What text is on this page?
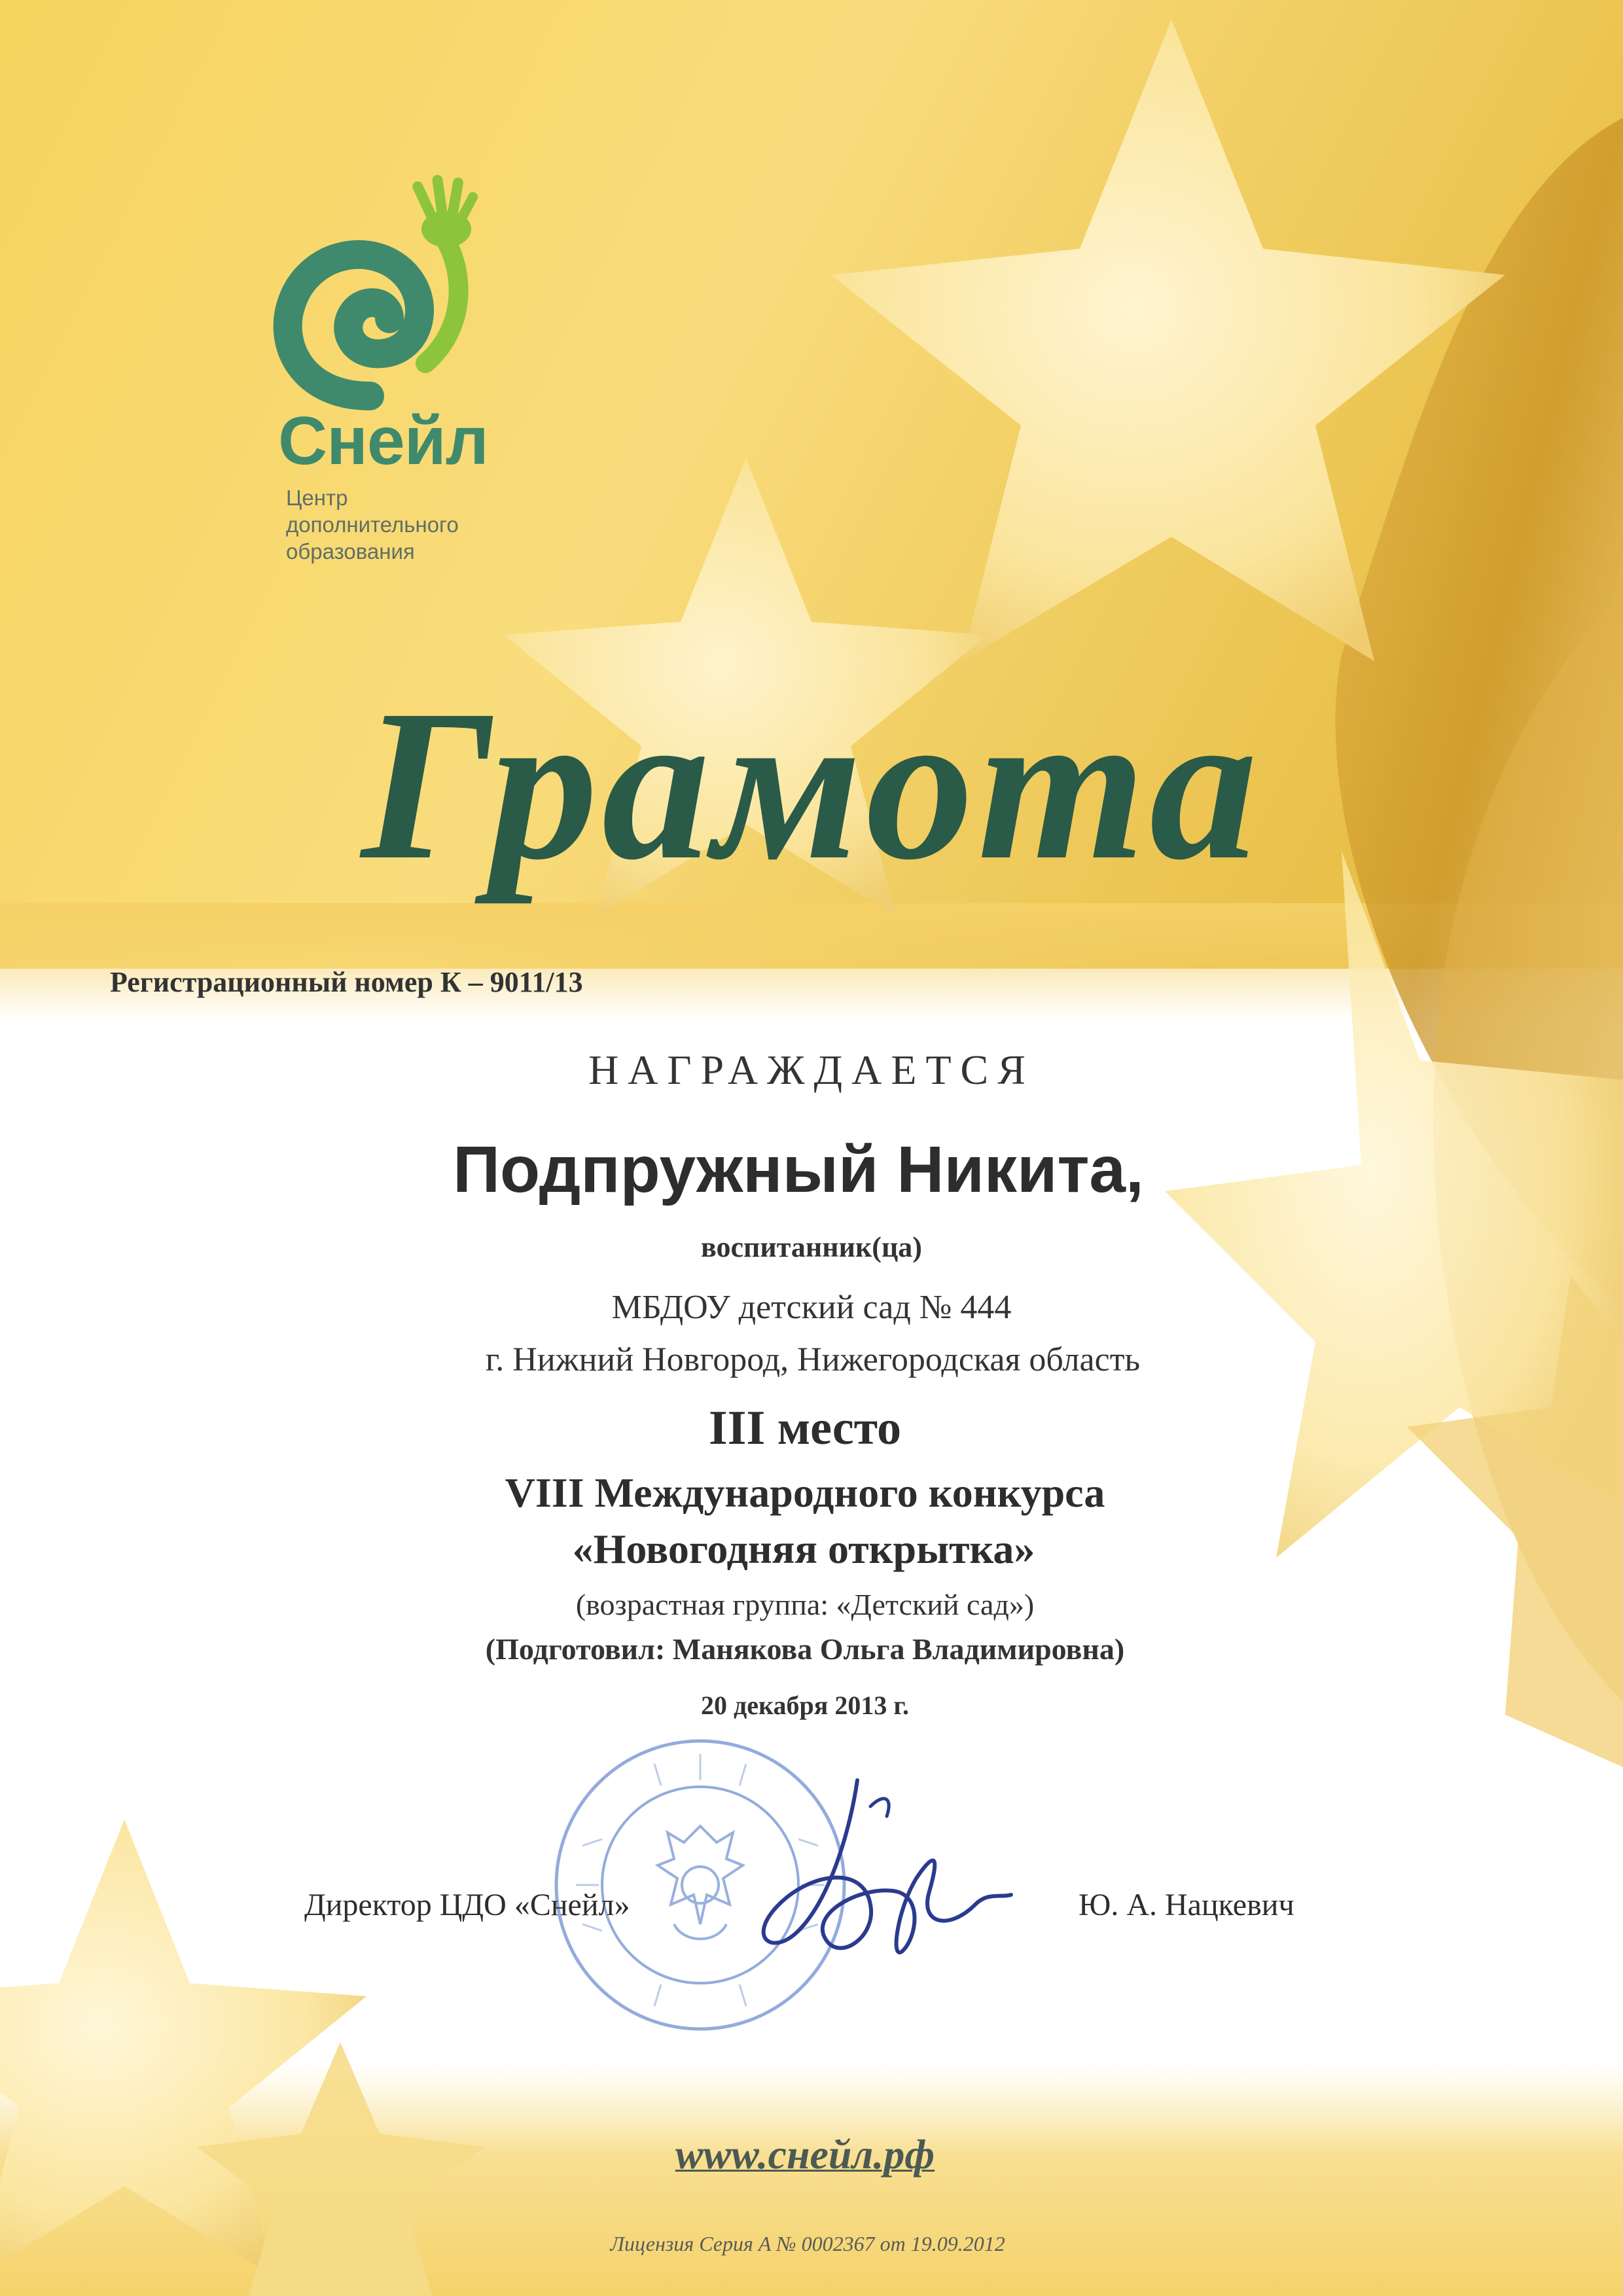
Снейл
Центр
дополнительного
образования
Грамота
Регистрационный номер К – 9011/13
НАГРАЖДАЕТСЯ
Подпружный Никита,
воспитанник(ца)
МБДОУ детский сад № 444
г. Нижний Новгород, Нижегородская область
III место
VIII Международного конкурса
«Новогодняя открытка»
(возрастная группа: «Детский сад»)
(Подготовил: Манякова Ольга Владимировна)
20 декабря 2013 г.
Директор ЦДО «Снейл»	Ю. А. Нацкевич
www.снейл.рф
Лицензия Серия А № 0002367 от 19.09.2012
